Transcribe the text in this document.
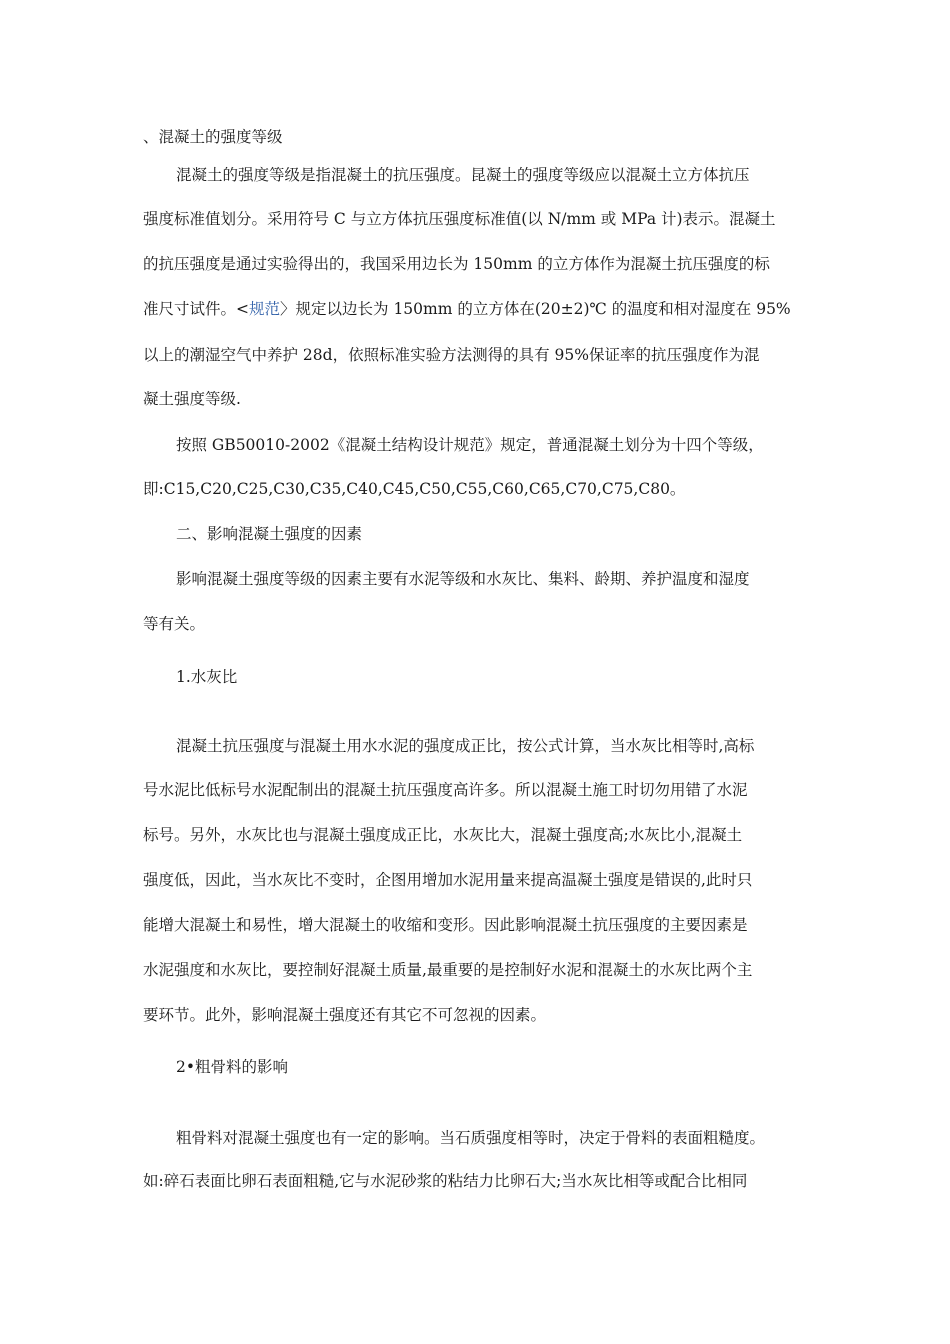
、混凝土的强度等级
混凝土的强度等级是指混凝土的抗压强度。昆凝土的强度等级应以混凝土立方体抗压
强度标准值划分。采用符号 C 与立方体抗压强度标准值(以 N/mm 或 MPa 计)表示。混凝土
的抗压强度是通过实验得出的，我国采用边长为 150mm 的立方体作为混凝土抗压强度的标
准尺寸试件。<规范〉规定以边长为 150mm 的立方体在(20±2)℃ 的温度和相对湿度在 95%
以上的潮湿空气中养护 28d，依照标准实验方法测得的具有 95%保证率的抗压强度作为混
凝土强度等级.
按照 GB50010-2002《混凝土结构设计规范》规定，普通混凝土划分为十四个等级，
即:C15,C20,C25,C30,C35,C40,C45,C50,C55,C60,C65,C70,C75,C80。
二、影响混凝土强度的因素
影响混凝土强度等级的因素主要有水泥等级和水灰比、集料、龄期、养护温度和湿度
等有关。
1.水灰比
混凝土抗压强度与混凝土用水水泥的强度成正比，按公式计算，当水灰比相等时,高标
号水泥比低标号水泥配制出的混凝土抗压强度高许多。所以混凝土施工时切勿用错了水泥
标号。另外，水灰比也与混凝土强度成正比，水灰比大，混凝土强度高;水灰比小,混凝土
强度低，因此，当水灰比不变时，企图用增加水泥用量来提高温凝土强度是错误的,此时只
能增大混凝土和易性，增大混凝土的收缩和变形。因此影响混凝土抗压强度的主要因素是
水泥强度和水灰比，要控制好混凝土质量,最重要的是控制好水泥和混凝土的水灰比两个主
要环节。此外，影响混凝土强度还有其它不可忽视的因素。
2•粗骨料的影响
粗骨料对混凝土强度也有一定的影响。当石质强度相等时，决定于骨料的表面粗糙度。
如:碎石表面比卵石表面粗糙,它与水泥砂浆的粘结力比卵石大;当水灰比相等或配合比相同
